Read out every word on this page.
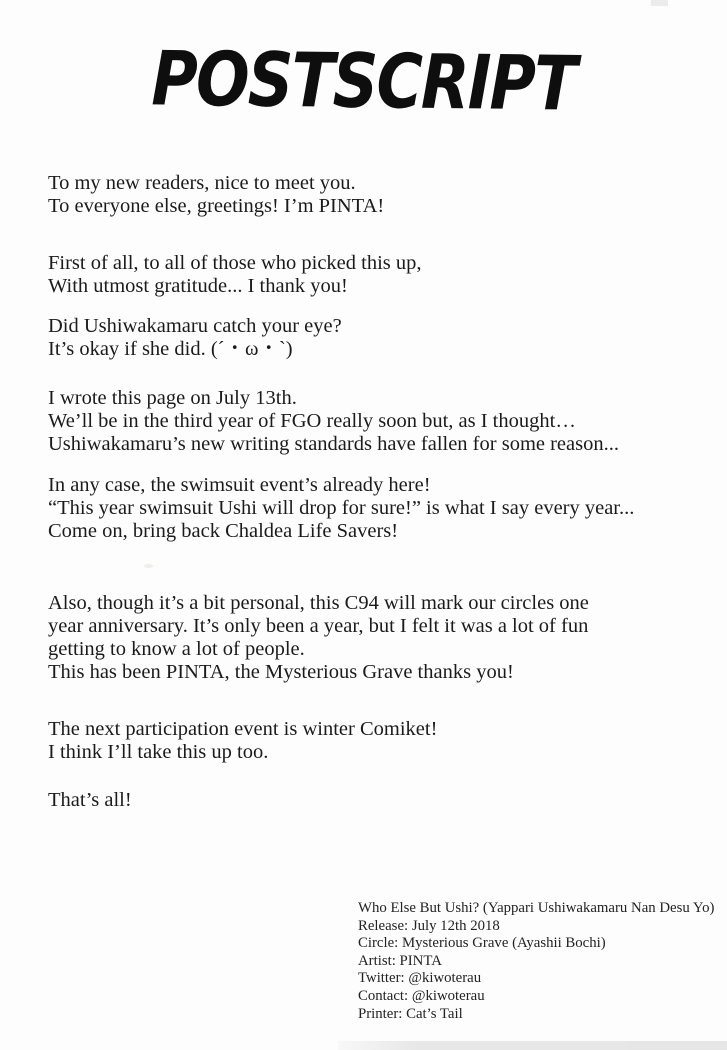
POSTSCRIPT
To my new readers, nice to meet you.
To everyone else, greetings! I’m PINTA!
First of all, to all of those who picked this up,
With utmost gratitude... I thank you!
Did Ushiwakamaru catch your eye?
It’s okay if she did. (´・ω・`)
I wrote this page on July 13th.
We’ll be in the third year of FGO really soon but, as I thought…
Ushiwakamaru’s new writing standards have fallen for some reason...
In any case, the swimsuit event’s already here!
“This year swimsuit Ushi will drop for sure!” is what I say every year...
Come on, bring back Chaldea Life Savers!
Also, though it’s a bit personal, this C94 will mark our circles one
year anniversary. It’s only been a year, but I felt it was a lot of fun
getting to know a lot of people.
This has been PINTA, the Mysterious Grave thanks you!
The next participation event is winter Comiket!
I think I’ll take this up too.
That’s all!
Who Else But Ushi? (Yappari Ushiwakamaru Nan Desu Yo)
Release: July 12th 2018
Circle: Mysterious Grave (Ayashii Bochi)
Artist: PINTA
Twitter: @kiwoterau
Contact: @kiwoterau
Printer: Cat’s Tail
